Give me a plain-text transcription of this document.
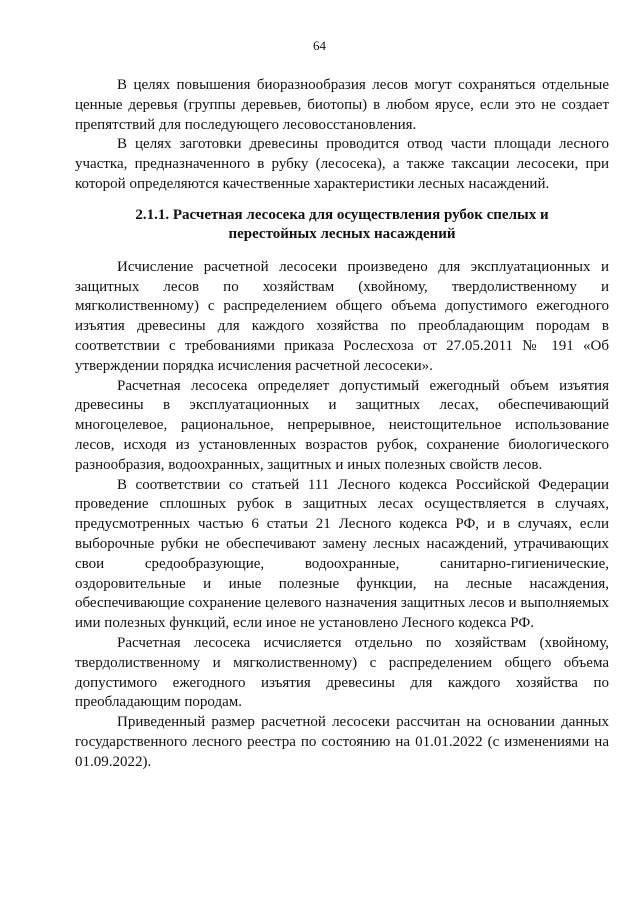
64

В целях повышения биоразнообразия лесов могут сохраняться отдельные ценные деревья (группы деревьев, биотопы) в любом ярусе, если это не создает препятствий для последующего лесовосстановления.

В целях заготовки древесины проводится отвод части площади лесного участка, предназначенного в рубку (лесосека), а также таксации лесосеки, при которой определяются качественные характеристики лесных насаждений.

2.1.1. Расчетная лесосека для осуществления рубок спелых и перестойных лесных насаждений

Исчисление расчетной лесосеки произведено для эксплуатационных и защитных лесов по хозяйствам (хвойному, твердолиственному и мягколиственному) с распределением общего объема допустимого ежегодного изъятия древесины для каждого хозяйства по преобладающим породам в соответствии с требованиями приказа Рослесхоза от 27.05.2011 № 191 «Об утверждении порядка исчисления расчетной лесосеки».

Расчетная лесосека определяет допустимый ежегодный объем изъятия древесины в эксплуатационных и защитных лесах, обеспечивающий многоцелевое, рациональное, непрерывное, неистощительное использование лесов, исходя из установленных возрастов рубок, сохранение биологического разнообразия, водоохранных, защитных и иных полезных свойств лесов.

В соответствии со статьей 111 Лесного кодекса Российской Федерации проведение сплошных рубок в защитных лесах осуществляется в случаях, предусмотренных частью 6 статьи 21 Лесного кодекса РФ, и в случаях, если выборочные рубки не обеспечивают замену лесных насаждений, утрачивающих свои средообразующие, водоохранные, санитарно-гигиенические, оздоровительные и иные полезные функции, на лесные насаждения, обеспечивающие сохранение целевого назначения защитных лесов и выполняемых ими полезных функций, если иное не установлено Лесного кодекса РФ.

Расчетная лесосека исчисляется отдельно по хозяйствам (хвойному, твердолиственному и мягколиственному) с распределением общего объема допустимого ежегодного изъятия древесины для каждого хозяйства по преобладающим породам.

Приведенный размер расчетной лесосеки рассчитан на основании данных государственного лесного реестра по состоянию на 01.01.2022 (с изменениями на 01.09.2022).
